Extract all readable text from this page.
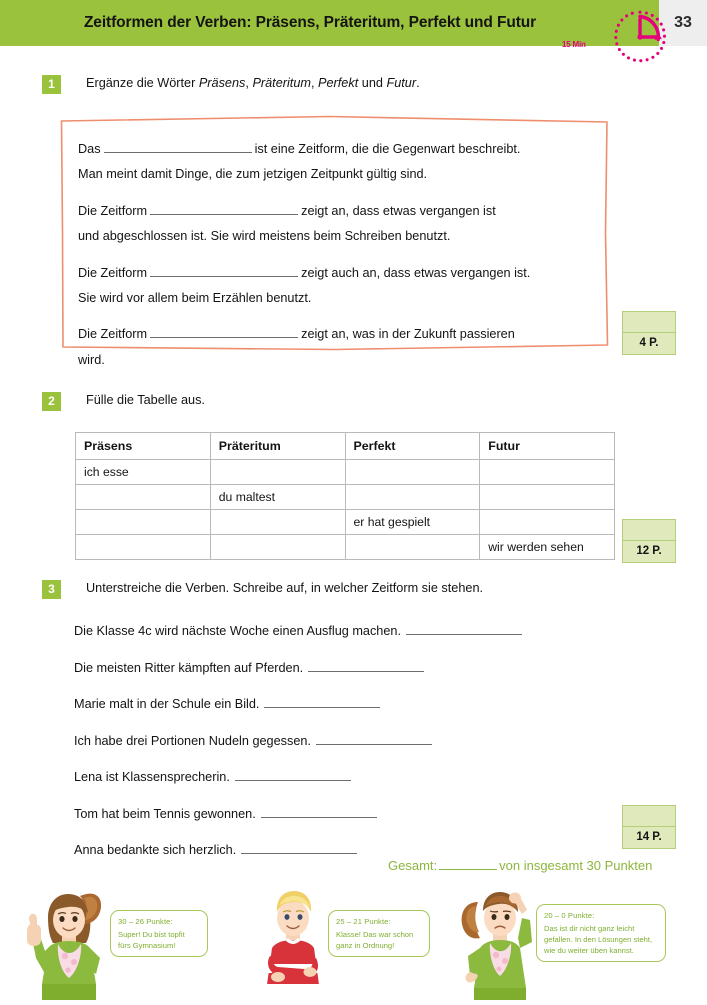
Zeitformen der Verben: Präsens, Präteritum, Perfekt und Futur	33
15 Min
1	Ergänze die Wörter Präsens, Präteritum, Perfekt und Futur.
Das	ist eine Zeitform, die die Gegenwart beschreibt.
Man meint damit Dinge, die zum jetzigen Zeitpunkt gültig sind.
Die Zeitform	zeigt an, dass etwas vergangen ist
und abgeschlossen ist. Sie wird meistens beim Schreiben benutzt.
Die Zeitform	zeigt auch an, dass etwas vergangen ist.
Sie wird vor allem beim Erzählen benutzt.
Die Zeitform	zeigt an, was in der Zukunft passieren
wird.
4 P.
2	Fülle die Tabelle aus.
Präsens	Präteritum	Perfekt	Futur
ich esse			
	du maltest		
		er hat gespielt	
			wir werden sehen	12 P.
3	Unterstreiche die Verben. Schreibe auf, in welcher Zeitform sie stehen.
Die Klasse 4c wird nächste Woche einen Ausflug machen.
Die meisten Ritter kämpften auf Pferden.
Marie malt in der Schule ein Bild.
Ich habe drei Portionen Nudeln gegessen.
Lena ist Klassensprecherin.
Tom hat beim Tennis gewonnen.
Anna bedankte sich herzlich.
14 P.
Gesamt:	von insgesamt 30 Punkten
30 – 26 Punkte:
Super! Du bist topfit
fürs Gymnasium!
25 – 21 Punkte:
Klasse! Das war schon
ganz in Ordnung!
20 – 0 Punkte:
Das ist dir nicht ganz leicht
gefallen. In den Lösungen steht,
wie du weiter üben kannst.
